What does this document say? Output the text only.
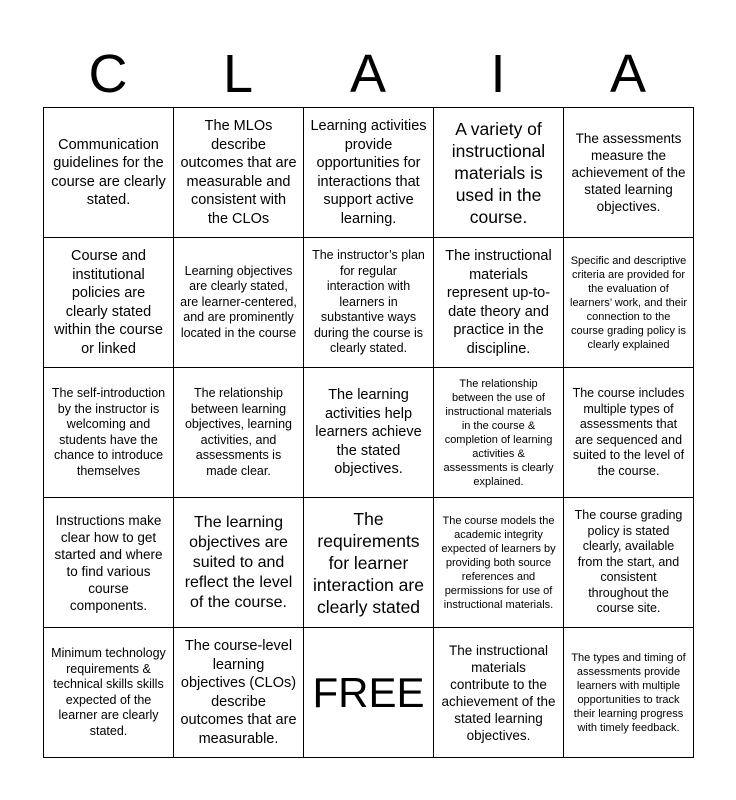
C	L	A	I	A
Communication guidelines for the course are clearly stated.
The MLOs describe outcomes that are measurable and consistent with the CLOs
Learning activities provide opportunities for interactions that support active learning.
A variety of instructional materials is used in the course.
The assessments measure the achievement of the stated learning objectives.
Course and institutional policies are clearly stated within the course or linked
Learning objectives are clearly stated, are learner-centered, and are prominently located in the course
The instructor’s plan for regular interaction with learners in substantive ways during the course is clearly stated.
The instructional materials represent up-to-date theory and practice in the discipline.
Specific and descriptive criteria are provided for the evaluation of learners’ work, and their connection to the course grading policy is clearly explained
The self-introduction by the instructor is welcoming and students have the chance to introduce themselves
The relationship between learning objectives, learning activities, and assessments is made clear.
The learning activities help learners achieve the stated objectives.
The relationship between the use of instructional materials in the course & completion of learning activities & assessments is clearly explained.
The course includes multiple types of assessments that are sequenced and suited to the level of the course.
Instructions make clear how to get started and where to find various course components.
The learning objectives are suited to and reflect the level of the course.
The requirements for learner interaction are clearly stated
The course models the academic integrity expected of learners by providing both source references and permissions for use of instructional materials.
The course grading policy is stated clearly, available from the start, and consistent throughout the course site.
Minimum technology requirements & technical skills skills expected of the learner are clearly stated.
The course-level learning objectives (CLOs) describe outcomes that are measurable.
FREE
The instructional materials contribute to the achievement of the stated learning objectives.
The types and timing of assessments provide learners with multiple opportunities to track their learning progress with timely feedback.
